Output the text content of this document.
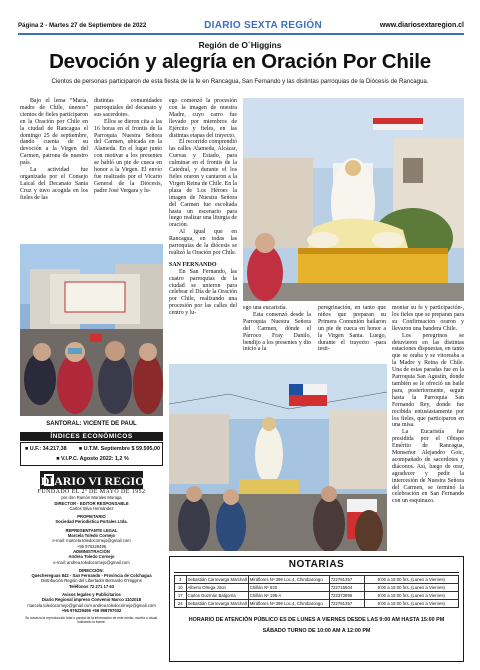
Página 2 - Martes 27 de Septiembre de 2022	DIARIO SEXTA REGIÓN	www.diariosextaregion.cl
Región de O´Higgins
Devoción y alegría en Oración Por Chile
Cientos de personas participaron de esta fiesta de la fe en Rancagua, San Fernando y las distintas parroquias de la Diócesis de Rancagua.

Bajo el lema “María, madre de Chile, únenos” cientos de fieles participaron en la Oración por Chile en la ciudad de Rancagua el domingo 25 de septiembre, dando cuenta de su devoción a la Virgen del Carmen, patrona de nuestro país.

La actividad fue organizada por el Consejo Laical del Decanato Santa Cruz y tuvo acogida en los fieles de las

distintas comunidades parroquiales del decanato y sus sacerdotes.

Ellos se dieron cita a las 16 horas en el frontis de la Parroquia Nuestra Señora del Carmen, ubicada en la Alameda. En el lugar junto con motivar a los presentes se habló un pie de cueca en honor a la Virgen. El envío fue realizado por el Vicario General de la Diócesis, padre José Vergara y lu-

ego comenzó la procesión con la imagen de nuestra Madre, cuyo carro fue llevado por miembros de Ejército y fieles, en las distintas etapas del trayecto.

El recorrido comprendió las calles Alameda, Alcázar, Cuevas y Estado, para culminar en el frontis de la Catedral, y durante el los fieles oraron y cantaron a la Virgen Reina de Chile. En la plaza de Los Héroes la imagen de Nuestra Señora del Carmen fue escoltada hasta un escenario para luego realizar una liturgia de oración.

Al igual que en Rancagua, en todas las parroquias de la diócesis se realizó la Oración por Chile.

SAN FERNANDO

En San Fernando, las cuatro parroquias de la ciudad se unieron para celebrar el Día de la Oración por Chile, realizando una procesión por las calles del centro y lu-

ego una eucaristía.

Esta comenzó desde la Parroquia Nuestra Señora del Carmen, dónde el Párroco Fray Danilo, bendijo a los presentes y dio inicio a la

peregrinación, en tanto que niños que preparan su Primera Comunión bailaron un pie de cueca en honor a la Virgen Santa. Luego, durante el trayecto -para testi-

moniar su fe y participación-, los fieles que se preparan para su Confirmación oraron y llevaron una bandera Chile.

Los peregrinos se detuvieron en las distintas estaciones dispuestas, en tanto que se oraba y se vitoreaba a la Madre y Reina de Chile. Una de estas paradas fue en la Parroquia San Agustín, donde también se le ofreció un baile para, posteriormente, seguir hasta la Parroquia San Fernando Rey, donde fue recibida entusiastamente por los fieles, que participaron en una misa.

La Eucaristía fue presidida por el Obispo Emérito de Rancagua, Monseñor Alejandro Goic, acompañado de sacerdotes y diáconos. Así, luego de orar, agradecer y pedir la intercesión de Nuestra Señora del Carmen, se terminó la celebración en San Fernando con un esquinazo.

SANTORAL: VICENTE DE PAUL
ÍNDICES ECONÓMICOS
■ U.F.: 34.217,38 ■ U.T.M. Septiembre $ 59.595,00
■ V.I.P.C. Agosto 2022: 1,2 %
DIARIO VI REGION
FUNDADO EL 2º DE MAYO DE 1952
por don Ramón Morales Moraga
DIRECTOR - EDITOR RESPONSABLE
Carlos Silva Hernández
PROPIETARIO
Sociedad Periodística Portales Ltda.
REPRESENTANTE LEGAL
Marcela Toledo Cornejo
e-mail: marcela.toledocornejo@gmail.com
+56 976229496
ADMINISTRACIÓN
Andrea Toledo Cornejo
e-mail: andrea.toledocornejo@gmail.com
DIRECCIÓN:
Quechereguas 842 - San Fernando - Provincia de Colchagua
Distribución Región del Libertador Bernardo O'Higgins
Teléfonos 72 271 17 63
Avisos legales y Publicitarios
Diario Regional impreso Convenio Marco 1102018
marcela.toledocornejo@gmail.com andrea.toledocornejo@gmail.com
+56 976229496 +56 998797032
Se autoriza la reproducción total o parcial de la información de este medio, escrita o visual, indicando la fuente.
NOTARIAS
3	Sebastián Carrevarga Marchall	Miraflores Nº 399 Loc.4, Chimbarongo	722781357	9:00 a 15:00 hrs. (Lunes a Viernes)
10	Alberto Ortega Jiron	Chillán Nº 620	722715604	9:00 a 15:00 hrs. (Lunes a Viernes)
17	Carlos Guzmán Balgorria	Chillán Nº 195-A	722373996	9:00 a 15:00 hrs. (Lunes a Viernes)
24	Sebastián Carrevarga Marchall	Miraflores Nº 399 Loc.4, Chimbarongo	722781357	9:00 a 15:00 hrs. (Lunes a Viernes)
HORARIO DE ATENCIÓN PÚBLICO ES DE LUNES A VIERNES DESDE LAS 9:00 AM HASTA 15:00 PM
SÁBADO TURNO DE 10:00 AM A 12:00 PM
